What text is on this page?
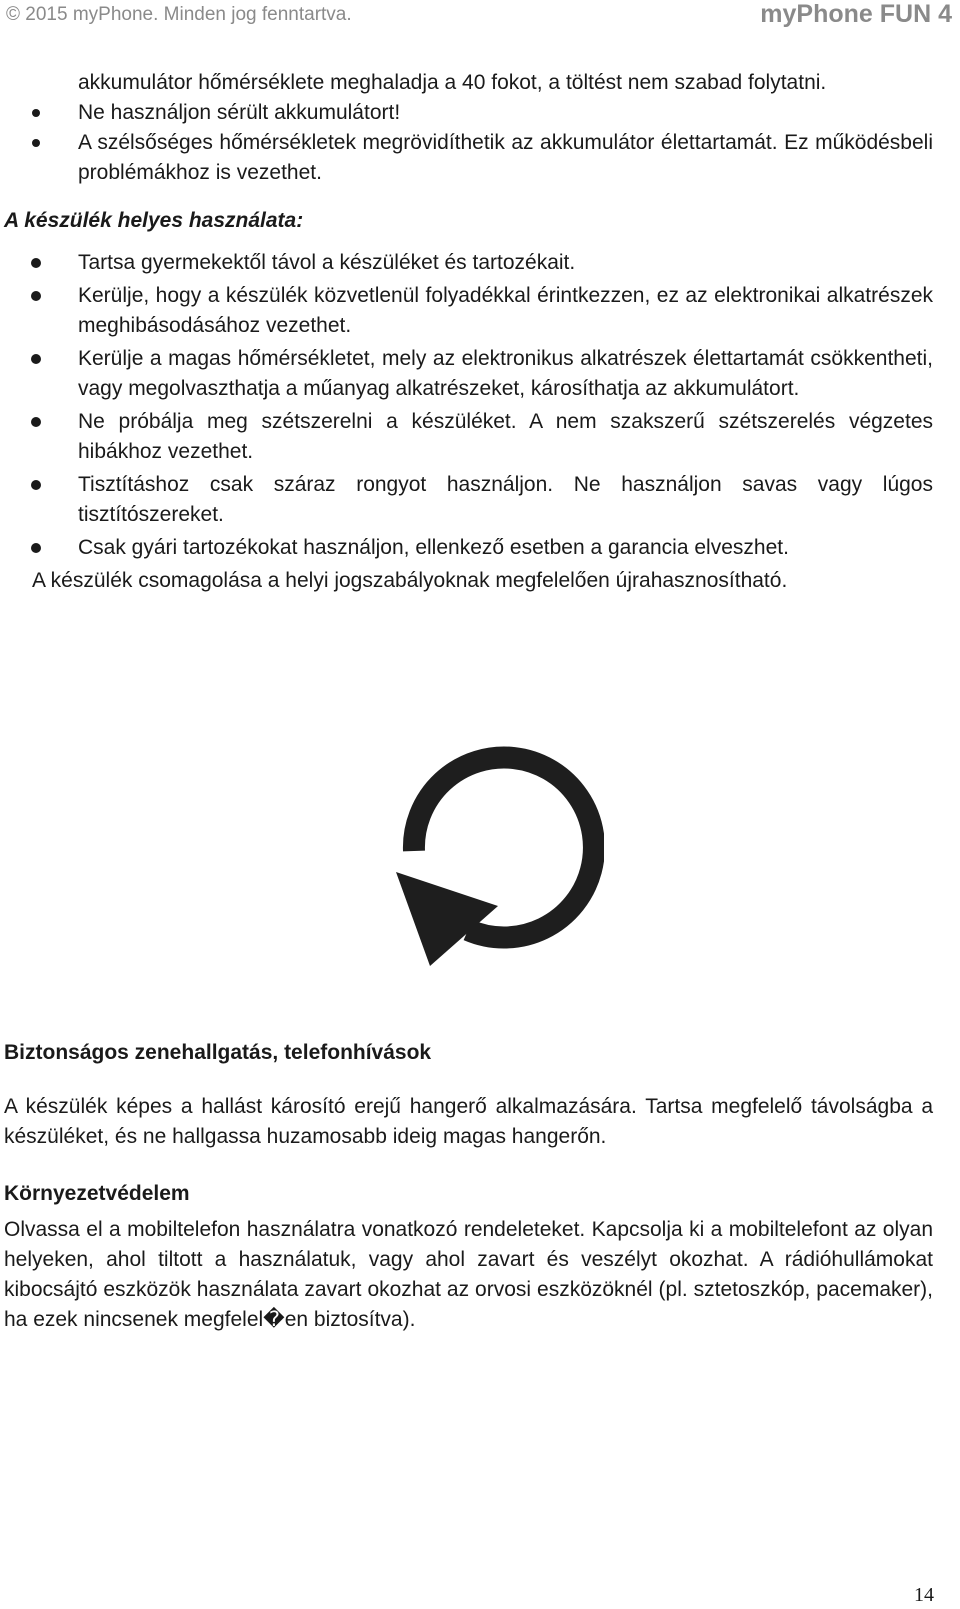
© 2015 myPhone. Minden jog fenntartva.	myPhone FUN 4

akkumulátor hőmérséklete meghaladja a 40 fokot, a töltést nem szabad folytatni.

Ne használjon sérült akkumulátort!
A szélsőséges hőmérsékletek megrövidíthetik az akkumulátor élettartamát. Ez működésbeli problémákhoz is vezethet.
A készülék helyes használata:
Tartsa gyermekektől távol a készüléket és tartozékait.
Kerülje, hogy a készülék közvetlenül folyadékkal érintkezzen, ez az elektronikai alkatrészek meghibásodásához vezethet.
Kerülje a magas hőmérsékletet, mely az elektronikus alkatrészek élettartamát csökkentheti, vagy megolvaszthatja a műanyag alkatrészeket, károsíthatja az akkumulátort.
Ne próbálja meg szétszerelni a készüléket. A nem szakszerű szétszerelés végzetes hibákhoz vezethet.
Tisztításhoz csak száraz rongyot használjon. Ne használjon savas vagy lúgos tisztítószereket.
Csak gyári tartozékokat használjon, ellenkező esetben a garancia elveszhet.
A készülék csomagolása a helyi jogszabályoknak megfelelően újrahasznosítható.
Biztonságos zenehallgatás, telefonhívások

A készülék képes a hallást károsító erejű hangerő alkalmazására. Tartsa megfelelő távolságba a készüléket, és ne hallgassa huzamosabb ideig magas hangerőn.

Környezetvédelem

Olvassa el a mobiltelefon használatra vonatkozó rendeleteket. Kapcsolja ki a mobiltelefont az olyan helyeken, ahol tiltott a használatuk, vagy ahol zavart és veszélyt okozhat. A rádióhullámokat kibocsájtó eszközök használata zavart okozhat az orvosi eszközöknél (pl. sztetoszkóp, pacemaker), ha ezek nincsenek megfelel�en biztosítva).

14
